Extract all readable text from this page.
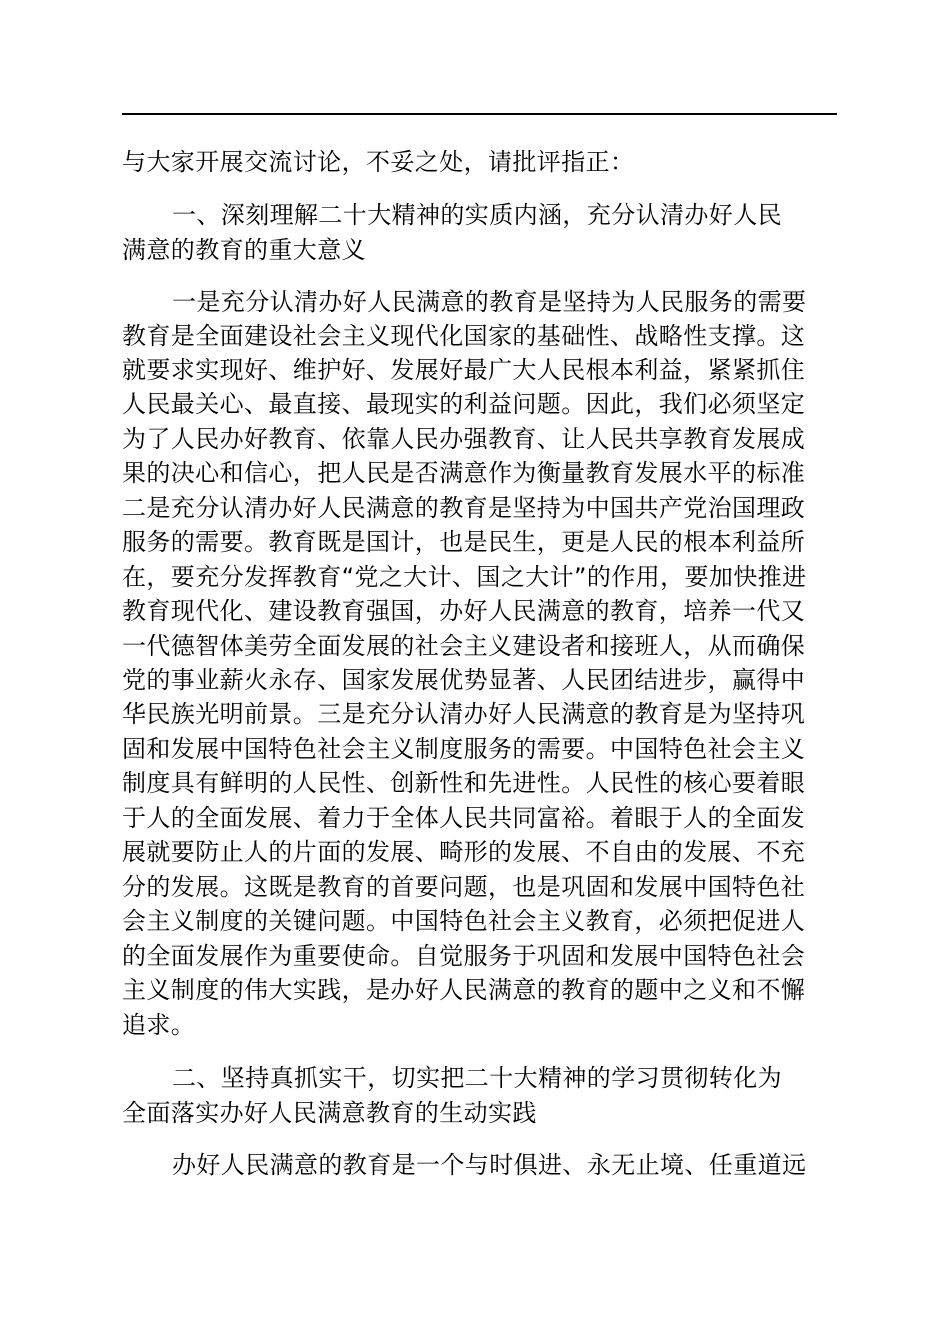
与大家开展交流讨论，不妥之处，请批评指正：
一、深刻理解二十大精神的实质内涵，充分认清办好人民
满意的教育的重大意义
一是充分认清办好人民满意的教育是坚持为人民服务的需要
教育是全面建设社会主义现代化国家的基础性、战略性支撑。这
就要求实现好、维护好、发展好最广大人民根本利益，紧紧抓住
人民最关心、最直接、最现实的利益问题。因此，我们必须坚定
为了人民办好教育、依靠人民办强教育、让人民共享教育发展成
果的决心和信心，把人民是否满意作为衡量教育发展水平的标准
二是充分认清办好人民满意的教育是坚持为中国共产党治国理政
服务的需要。教育既是国计，也是民生，更是人民的根本利益所
在，要充分发挥教育“党之大计、国之大计”的作用，要加快推进
教育现代化、建设教育强国，办好人民满意的教育，培养一代又
一代德智体美劳全面发展的社会主义建设者和接班人，从而确保
党的事业薪火永存、国家发展优势显著、人民团结进步，赢得中
华民族光明前景。三是充分认清办好人民满意的教育是为坚持巩
固和发展中国特色社会主义制度服务的需要。中国特色社会主义
制度具有鲜明的人民性、创新性和先进性。人民性的核心要着眼
于人的全面发展、着力于全体人民共同富裕。着眼于人的全面发
展就要防止人的片面的发展、畸形的发展、不自由的发展、不充
分的发展。这既是教育的首要问题，也是巩固和发展中国特色社
会主义制度的关键问题。中国特色社会主义教育，必须把促进人
的全面发展作为重要使命。自觉服务于巩固和发展中国特色社会
主义制度的伟大实践，是办好人民满意的教育的题中之义和不懈
追求。
二、坚持真抓实干，切实把二十大精神的学习贯彻转化为
全面落实办好人民满意教育的生动实践
办好人民满意的教育是一个与时俱进、永无止境、任重道远
